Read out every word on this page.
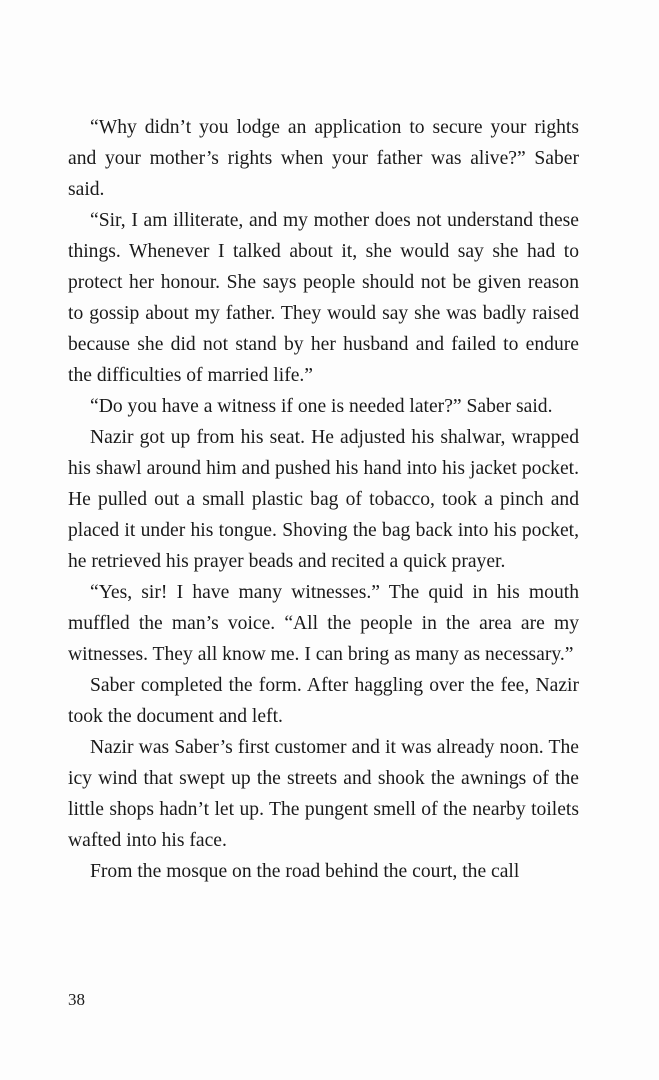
“Why didn’t you lodge an application to secure your rights and your mother’s rights when your father was alive?” Saber said.

“Sir, I am illiterate, and my mother does not understand these things. Whenever I talked about it, she would say she had to protect her honour. She says people should not be given reason to gossip about my father. They would say she was badly raised because she did not stand by her husband and failed to endure the difficulties of married life.”

“Do you have a witness if one is needed later?” Saber said.

Nazir got up from his seat. He adjusted his shalwar, wrapped his shawl around him and pushed his hand into his jacket pocket. He pulled out a small plastic bag of tobacco, took a pinch and placed it under his tongue. Shoving the bag back into his pocket, he retrieved his prayer beads and recited a quick prayer.

“Yes, sir! I have many witnesses.” The quid in his mouth muffled the man’s voice. “All the people in the area are my witnesses. They all know me. I can bring as many as necessary.”

Saber completed the form. After haggling over the fee, Nazir took the document and left.

Nazir was Saber’s first customer and it was already noon. The icy wind that swept up the streets and shook the awnings of the little shops hadn’t let up. The pungent smell of the nearby toilets wafted into his face.

From the mosque on the road behind the court, the call

38
